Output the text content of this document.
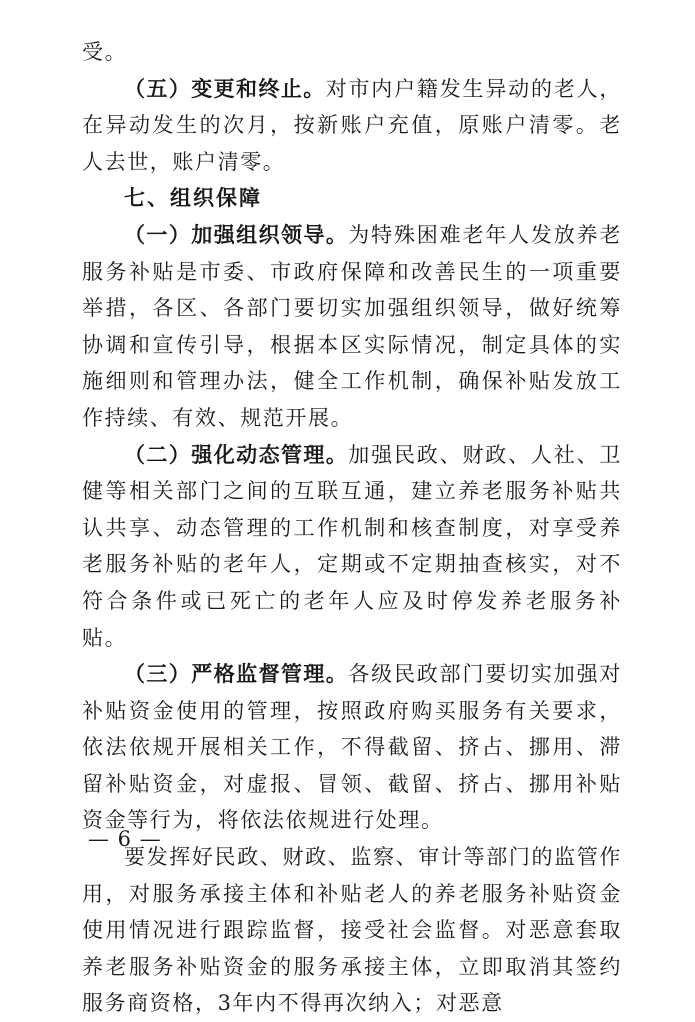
受。

（五）变更和终止。对市内户籍发生异动的老人，在异动发生的次月，按新账户充值，原账户清零。老人去世，账户清零。

七、组织保障

（一）加强组织领导。为特殊困难老年人发放养老服务补贴是市委、市政府保障和改善民生的一项重要举措，各区、各部门要切实加强组织领导，做好统筹协调和宣传引导，根据本区实际情况，制定具体的实施细则和管理办法，健全工作机制，确保补贴发放工作持续、有效、规范开展。

（二）强化动态管理。加强民政、财政、人社、卫健等相关部门之间的互联互通，建立养老服务补贴共认共享、动态管理的工作机制和核查制度，对享受养老服务补贴的老年人，定期或不定期抽查核实，对不符合条件或已死亡的老年人应及时停发养老服务补贴。

（三）严格监督管理。各级民政部门要切实加强对补贴资金使用的管理，按照政府购买服务有关要求，依法依规开展相关工作，不得截留、挤占、挪用、滞留补贴资金，对虚报、冒领、截留、挤占、挪用补贴资金等行为，将依法依规进行处理。

要发挥好民政、财政、监察、审计等部门的监管作用，对服务承接主体和补贴老人的养老服务补贴资金使用情况进行跟踪监督，接受社会监督。对恶意套取养老服务补贴资金的服务承接主体，立即取消其签约服务商资格，3年内不得再次纳入；对恶意

— 6 —
